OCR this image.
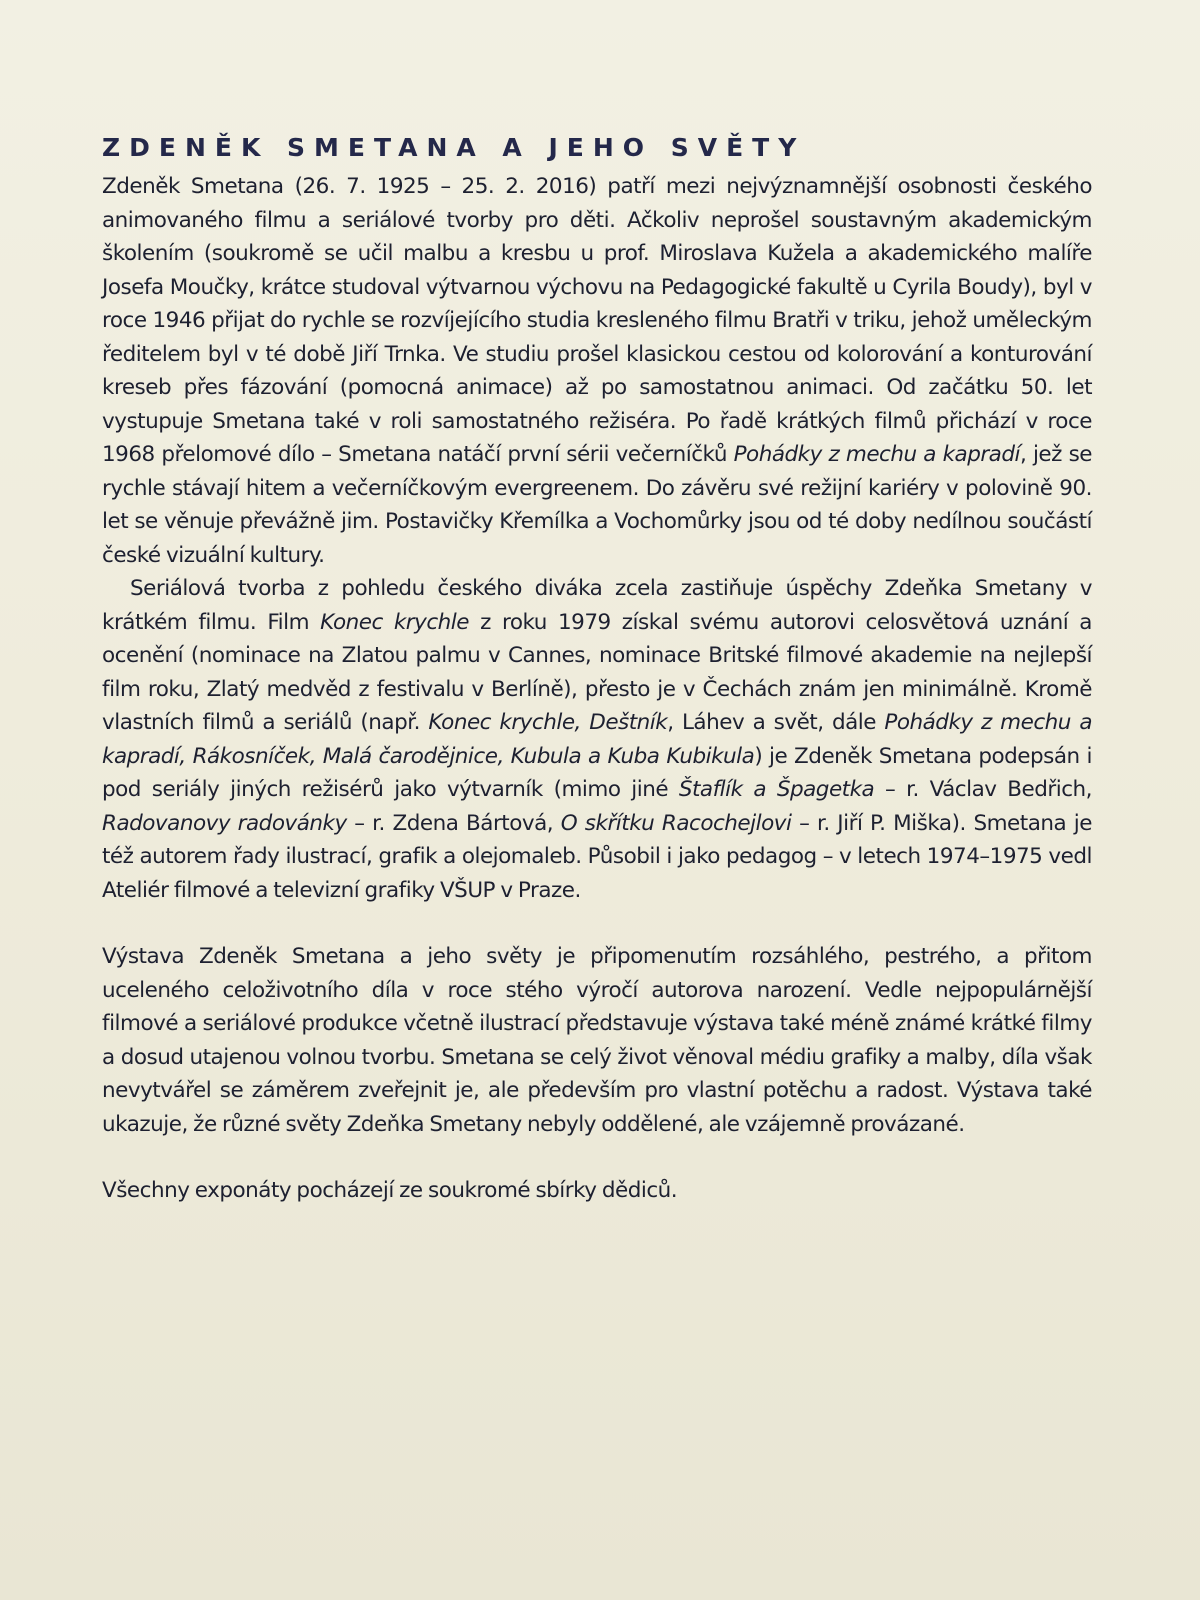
ZDENĚK SMETANA A JEHO SVĚTY

Zdeněk Smetana (26. 7. 1925 – 25. 2. 2016) patří mezi nejvýznamnější osobnosti českého animovaného filmu a seriálové tvorby pro děti. Ačkoliv neprošel soustavným akademickým školením (soukromě se učil malbu a kresbu u prof. Miroslava Kužela a akademického malíře Josefa Moučky, krátce studoval výtvarnou výchovu na Pedagogické fakultě u Cyrila Boudy), byl v roce 1946 přijat do rychle se rozvíjejícího studia kresleného filmu Bratři v triku, jehož uměleckým ředitelem byl v té době Jiří Trnka. Ve studiu prošel klasickou cestou od kolorování a konturování kreseb přes fázování (pomocná animace) až po samostatnou animaci. Od začátku 50. let vystupuje Smetana také v roli samostatného režiséra. Po řadě krátkých filmů přichází v roce 1968 přelomové dílo – Smetana natáčí první sérii večerníčků Pohádky z mechu a kapradí, jež se rychle stávají hitem a večerníčkovým evergreenem. Do závěru své režijní kariéry v polovině 90. let se věnuje převážně jim. Postavičky Křemílka a Vochomůrky jsou od té doby nedílnou součástí české vizuální kultury.

Seriálová tvorba z pohledu českého diváka zcela zastiňuje úspěchy Zdeňka Smetany v krátkém filmu. Film Konec krychle z roku 1979 získal svému autorovi celosvětová uznání a ocenění (nominace na Zlatou palmu v Cannes, nominace Britské filmové akademie na nejlepší film roku, Zlatý medvěd z festivalu v Berlíně), přesto je v Čechách znám jen minimálně. Kromě vlastních filmů a seriálů (např. Konec krychle, Deštník, Láhev a svět, dále Pohádky z mechu a kapradí, Rákosníček, Malá čarodějnice, Kubula a Kuba Kubikula) je Zdeněk Smetana podepsán i pod seriály jiných režisérů jako výtvarník (mimo jiné Štaflík a Špagetka – r. Václav Bedřich, Radovanovy radovánky – r. Zdena Bártová, O skřítku Racochejlovi – r. Jiří P. Miška). Smetana je též autorem řady ilustrací, grafik a olejomaleb. Působil i jako pedagog – v letech 1974–1975 vedl Ateliér filmové a televizní grafiky VŠUP v Praze.

Výstava Zdeněk Smetana a jeho světy je připomenutím rozsáhlého, pestrého, a přitom uceleného celoživotního díla v roce stého výročí autorova narození. Vedle nejpopulárnější filmové a seriálové produkce včetně ilustrací představuje výstava také méně známé krátké filmy a dosud utajenou volnou tvorbu. Smetana se celý život věnoval médiu grafiky a malby, díla však nevytvářel se záměrem zveřejnit je, ale především pro vlastní potěchu a radost. Výstava také ukazuje, že různé světy Zdeňka Smetany nebyly oddělené, ale vzájemně provázané.

Všechny exponáty pocházejí ze soukromé sbírky dědiců.
